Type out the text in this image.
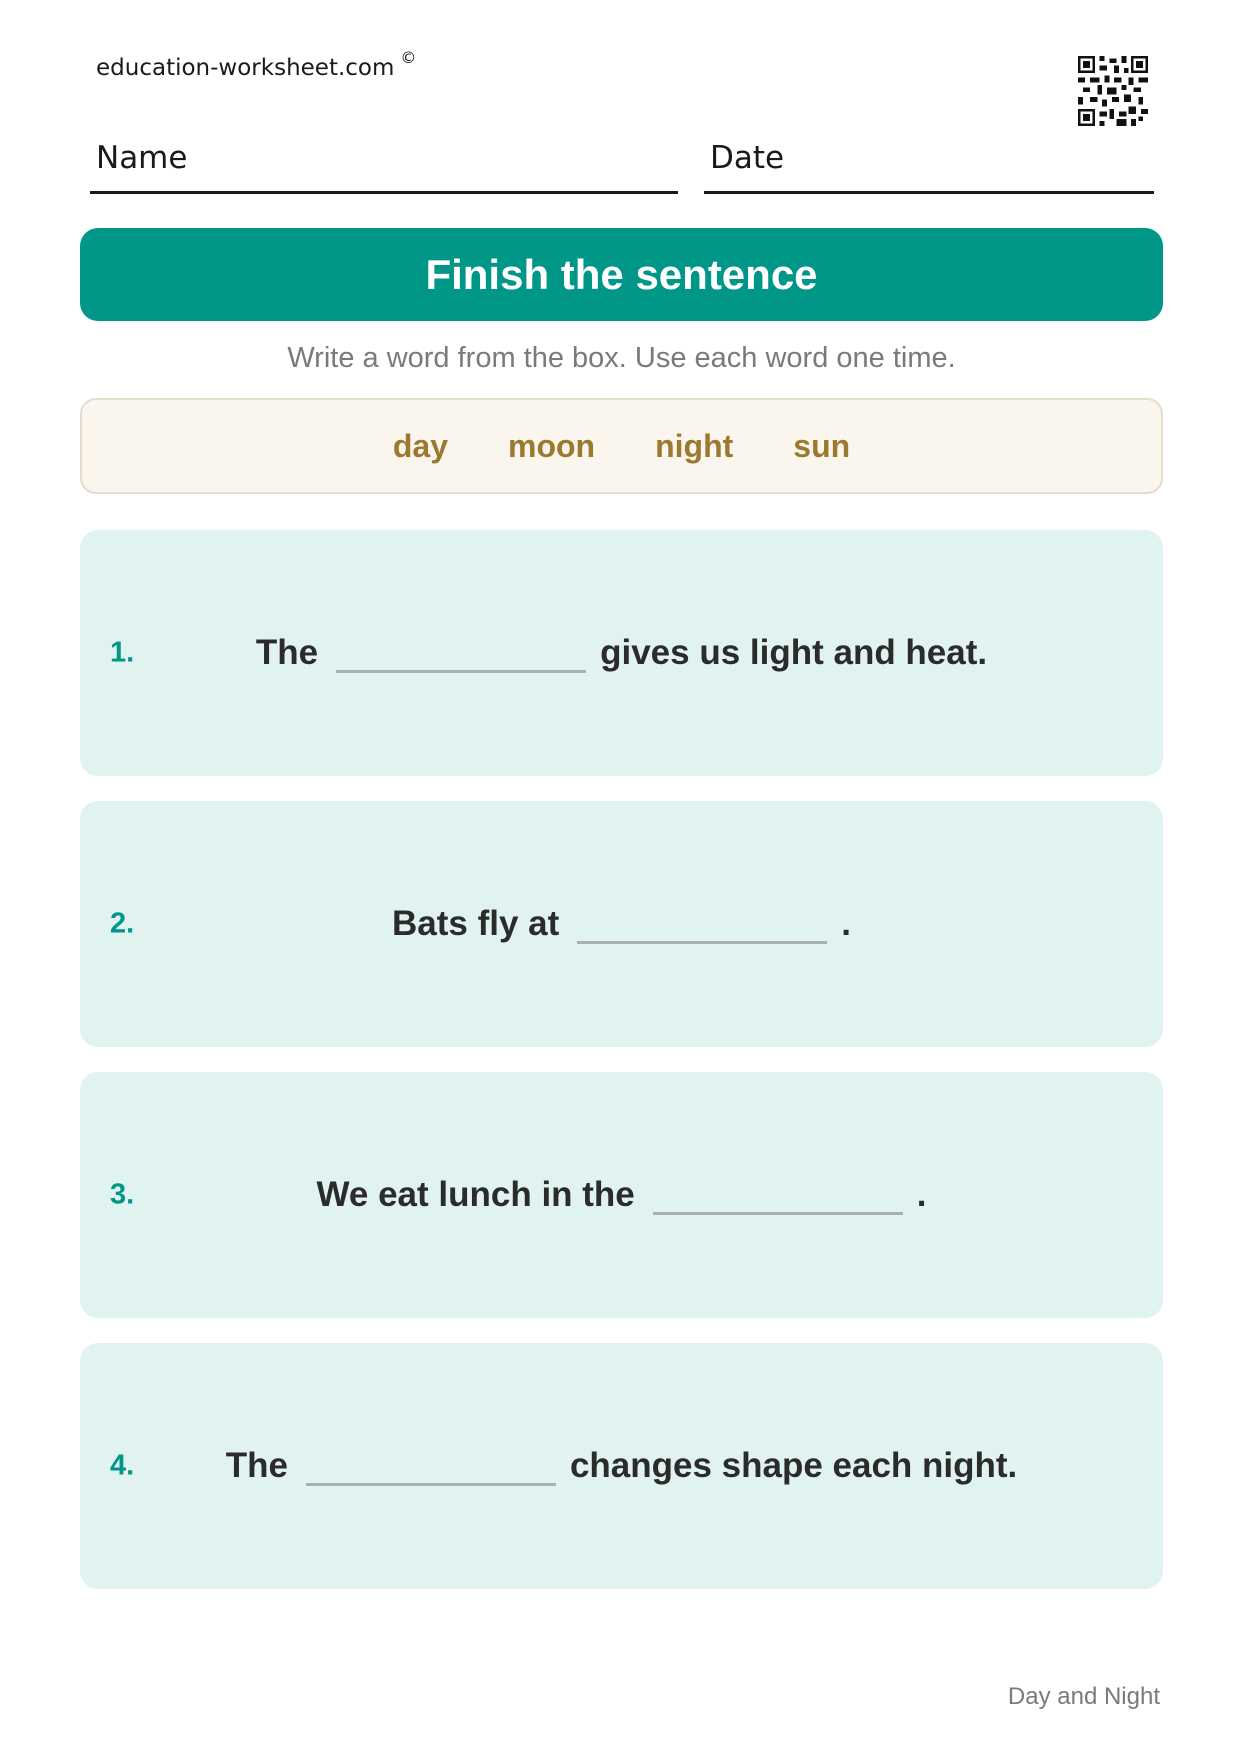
education-worksheet.com ©
Name	Date
Finish the sentence
Write a word from the box. Use each word one time.
day moon night sun
1.	The	gives us light and heat.
2.	Bats fly at	.
3.	We eat lunch in the	.
4.	The	changes shape each night.
Day and Night
